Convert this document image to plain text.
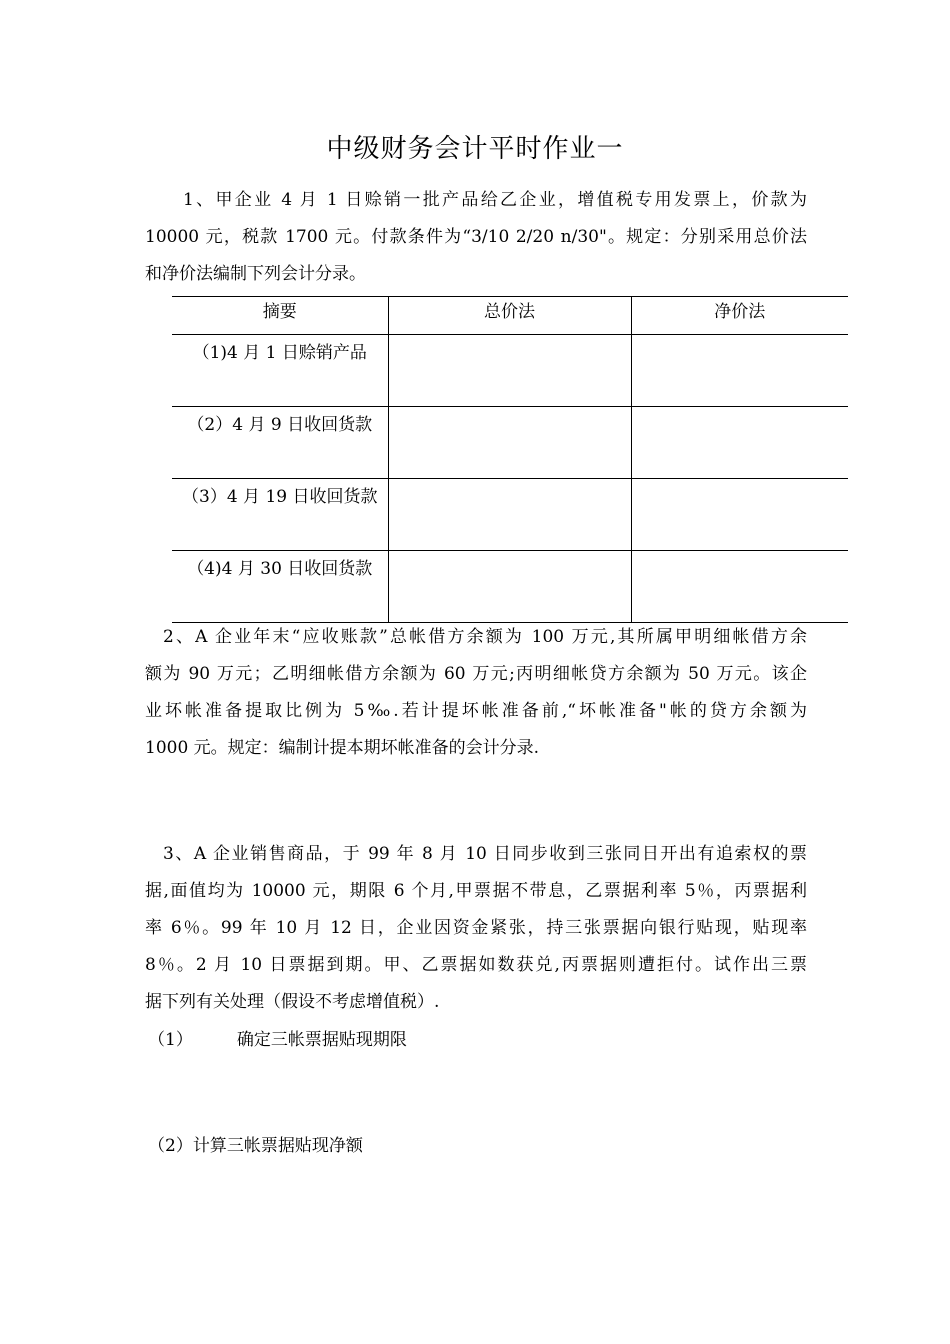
中级财务会计平时作业一
1、甲企业 4 月 1 日赊销一批产品给乙企业，增值税专用发票上，价款为
10000 元，税款 1700 元。付款条件为“3/10 2/20 n/30"。规定：分别采用总价法
和净价法编制下列会计分录。
摘要	总价法	净价法
（1)4 月 1 日赊销产品		
（2）4 月 9 日收回货款		
（3）4 月 19 日收回货款		
（4)4 月 30 日收回货款		
2、A 企业年末“应收账款”总帐借方余额为 100 万元,其所属甲明细帐借方余
额为 90 万元；乙明细帐借方余额为 60 万元;丙明细帐贷方余额为 50 万元。该企
业坏帐准备提取比例为 5‰.若计提坏帐准备前,“坏帐准备"帐的贷方余额为
1000 元。规定：编制计提本期坏帐准备的会计分录.
3、A 企业销售商品，于 99 年 8 月 10 日同步收到三张同日开出有追索权的票
据,面值均为 10000 元，期限 6 个月,甲票据不带息，乙票据利率 5％，丙票据利
率 6％。99 年 10 月 12 日，企业因资金紧张，持三张票据向银行贴现，贴现率
8％。2 月 10 日票据到期。甲、乙票据如数获兑,丙票据则遭拒付。试作出三票
据下列有关处理（假设不考虑增值税）.
（1）	确定三帐票据贴现期限
（2）计算三帐票据贴现净额
